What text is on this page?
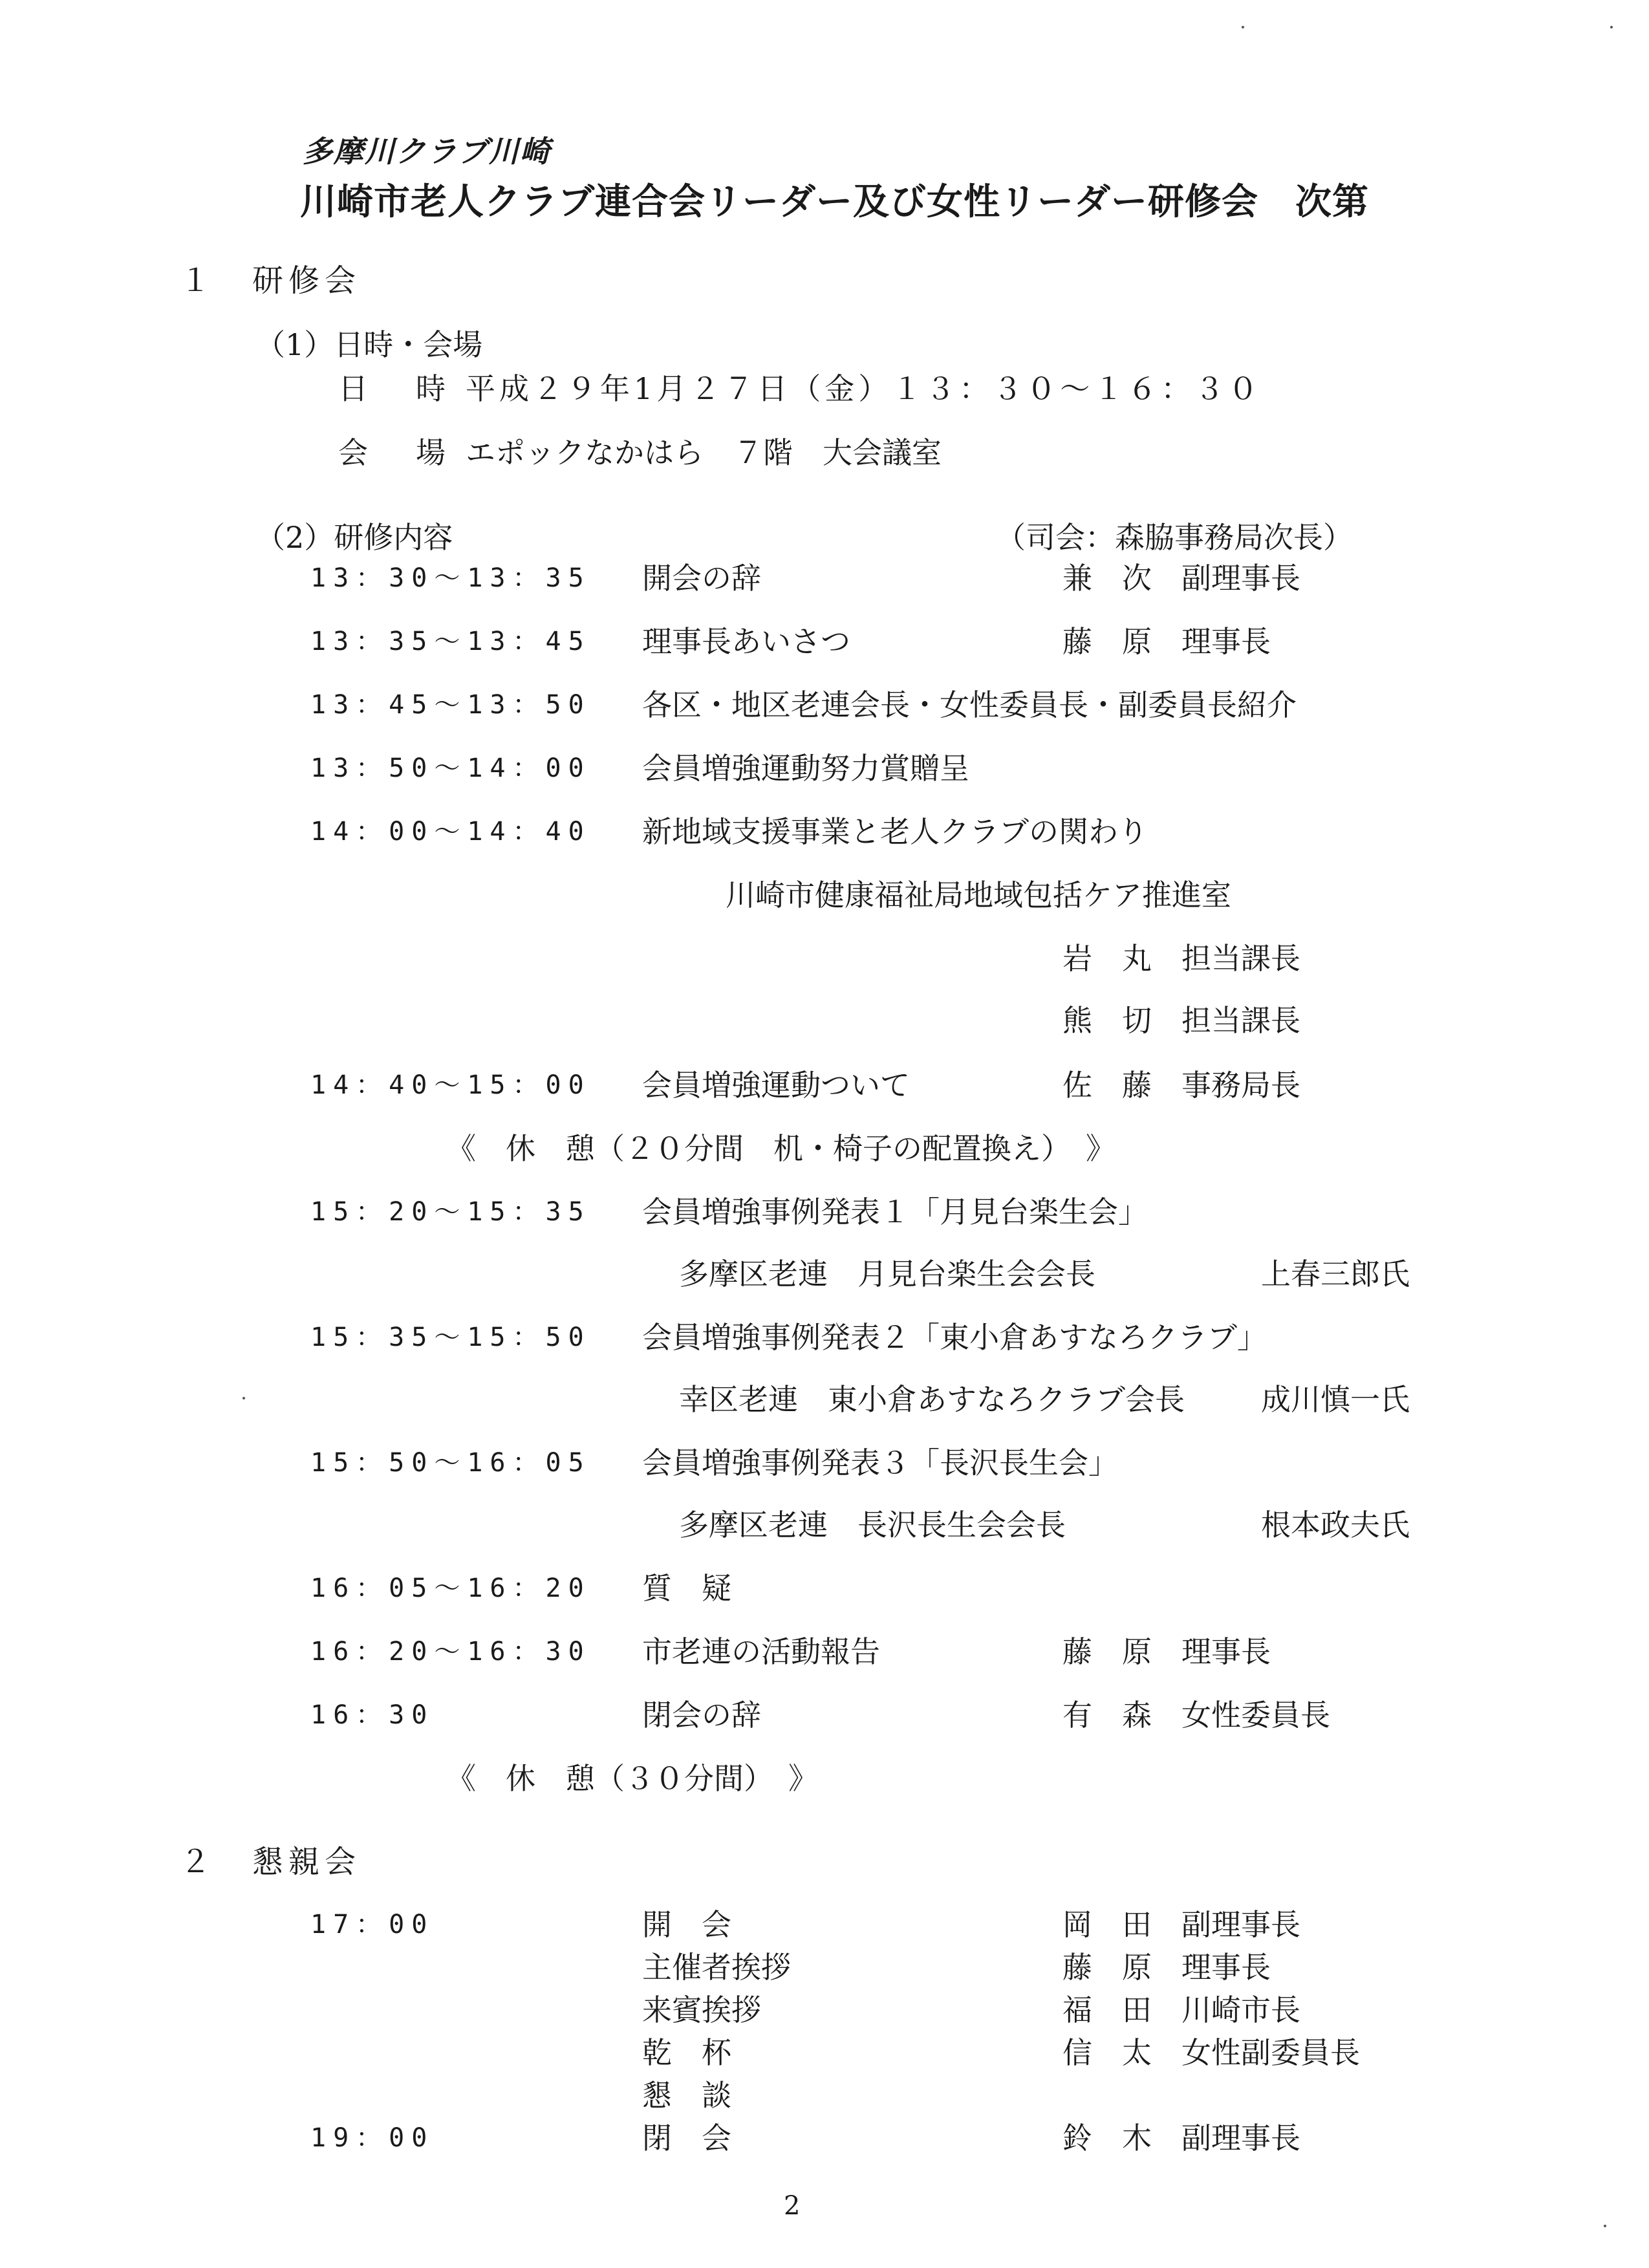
多摩川クラブ川崎
川崎市老人クラブ連合会リーダー及び女性リーダー研修会　次第
１　研修会
（1）日時・会場
日　時 平成２９年1月２７日（金）１３：３０～１６：３０
会　場 エポックなかはら　７階　大会議室
（2）研修内容	（司会：森脇事務局次長）
13：30～13：35 開会の辞	兼　次　副理事長
13：35～13：45 理事長あいさつ	藤　原　理事長
13：45～13：50 各区・地区老連会長・女性委員長・副委員長紹介
13：50～14：00 会員増強運動努力賞贈呈
14：00～14：40 新地域支援事業と老人クラブの関わり
川崎市健康福祉局地域包括ケア推進室
岩　丸　担当課長
熊　切　担当課長
14：40～15：00 会員増強運動ついて	佐　藤　事務局長
《　休　憩（２０分間　机・椅子の配置換え）　》
15：20～15：35 会員増強事例発表１「月見台楽生会」
多摩区老連　月見台楽生会会長	上春三郎氏
15：35～15：50 会員増強事例発表２「東小倉あすなろクラブ」
幸区老連　東小倉あすなろクラブ会長	成川慎一氏
15：50～16：05 会員増強事例発表３「長沢長生会」
多摩区老連　長沢長生会会長	根本政夫氏
16：05～16：20 質　疑
16：20～16：30 市老連の活動報告	藤　原　理事長
16：30	閉会の辞	有　森　女性委員長
《　休　憩（３０分間）　》
２　懇親会
17：00	開　会	岡　田　副理事長
主催者挨拶	藤　原　理事長
来賓挨拶	福　田　川崎市長
乾　杯	信　太　女性副委員長
懇　談
19：00	閉　会	鈴　木　副理事長
2
